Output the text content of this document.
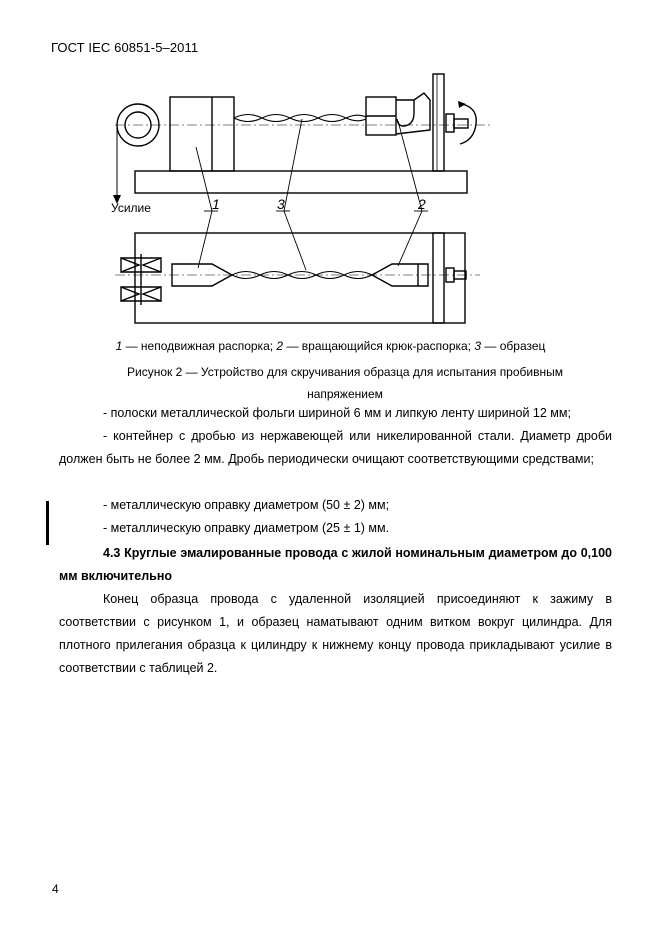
ГОСТ IEC 60851-5–2011
Усилие	1	3	2
1 — неподвижная распорка; 2 — вращающийся крюк-распорка; 3 — образец
Рисунок 2 — Устройство для скручивания образца для испытания пробивным
напряжением
- полоски металлической фольги шириной 6 мм и липкую ленту шириной 12 мм;
- контейнер с дробью из нержавеющей или никелированной стали. Диаметр дроби должен быть не более 2 мм. Дробь периодически очищают соответствующими средствами;
- металлическую оправку диаметром (50 ± 2) мм;
- металлическую оправку диаметром (25 ± 1) мм.
4.3 Круглые эмалированные провода с жилой номинальным диаметром до 0,100 мм включительно
Конец образца провода с удаленной изоляцией присоединяют к зажиму в соответствии с рисунком 1, и образец наматывают одним витком вокруг цилиндра. Для плотного прилегания образца к цилиндру к нижнему концу провода прикладывают усилие в соответствии с таблицей 2.
4
